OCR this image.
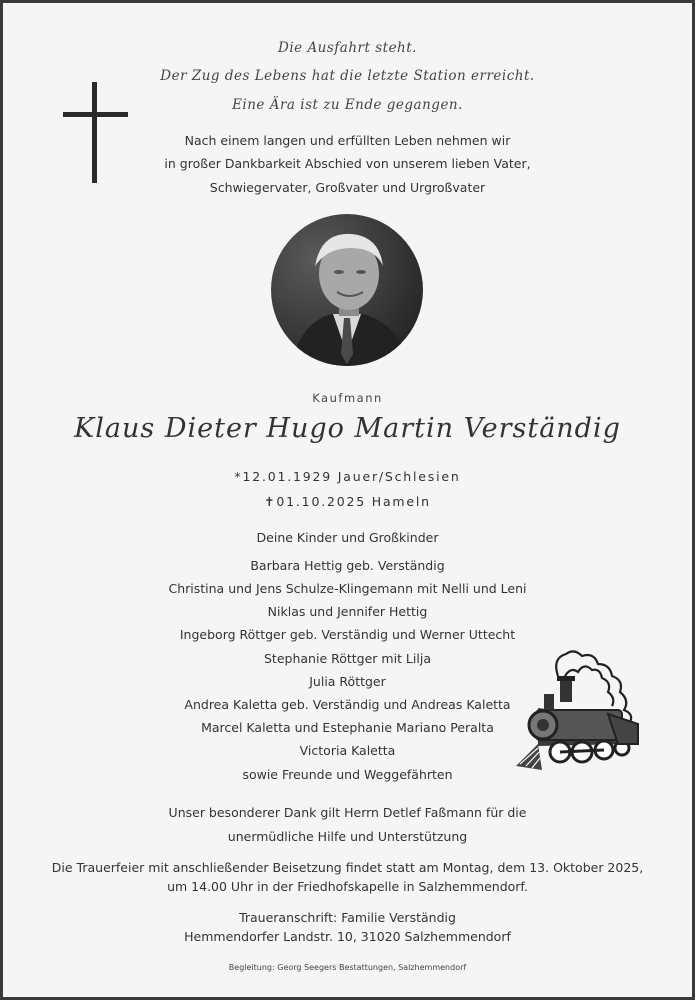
Die Ausfahrt steht.
Der Zug des Lebens hat die letzte Station erreicht.
Eine Ära ist zu Ende gegangen.
Nach einem langen und erfüllten Leben nehmen wir
in großer Dankbarkeit Abschied von unserem lieben Vater,
Schwiegervater, Großvater und Urgroßvater
Kaufmann
Klaus Dieter Hugo Martin Verständig
*12.01.1929 Jauer/Schlesien
✝01.10.2025 Hameln
Deine Kinder und Großkinder
Barbara Hettig geb. Verständig
Christina und Jens Schulze-Klingemann mit Nelli und Leni
Niklas und Jennifer Hettig
Ingeborg Röttger geb. Verständig und Werner Uttecht
Stephanie Röttger mit Lilja
Julia Röttger
Andrea Kaletta geb. Verständig und Andreas Kaletta
Marcel Kaletta und Estephanie Mariano Peralta
Victoria Kaletta
sowie Freunde und Weggefährten
Unser besonderer Dank gilt Herrn Detlef Faßmann für die
unermüdliche Hilfe und Unterstützung
Die Trauerfeier mit anschließender Beisetzung findet statt am Montag, dem 13. Oktober 2025,
um 14.00 Uhr in der Friedhofskapelle in Salzhemmendorf.
Traueranschrift: Familie Verständig
Hemmendorfer Landstr. 10, 31020 Salzhemmendorf
Begleitung: Georg Seegers Bestattungen, Salzhemmendorf
